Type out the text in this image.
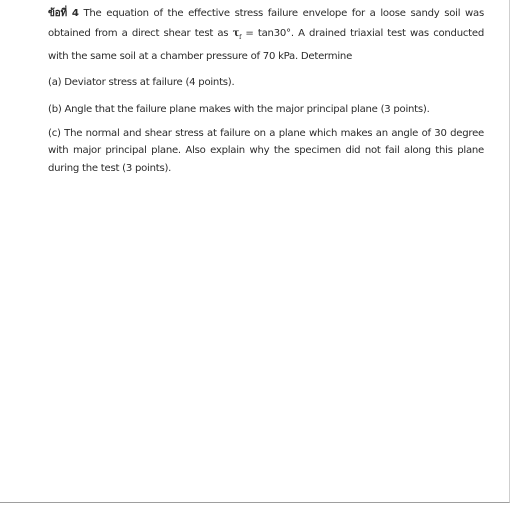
ข้อที่ 4 The equation of the effective stress failure envelope for a loose sandy soil was obtained from a direct shear test as $\tau_f = \tan 30^\circ$. A drained triaxial test was conducted with the same soil at a chamber pressure of 70 kPa. Determine

(a) Deviator stress at failure (4 points).

(b) Angle that the failure plane makes with the major principal plane (3 points).

(c) The normal and shear stress at failure on a plane which makes an angle of 30 degree with major principal plane. Also explain why the specimen did not fail along this plane during the test (3 points).
